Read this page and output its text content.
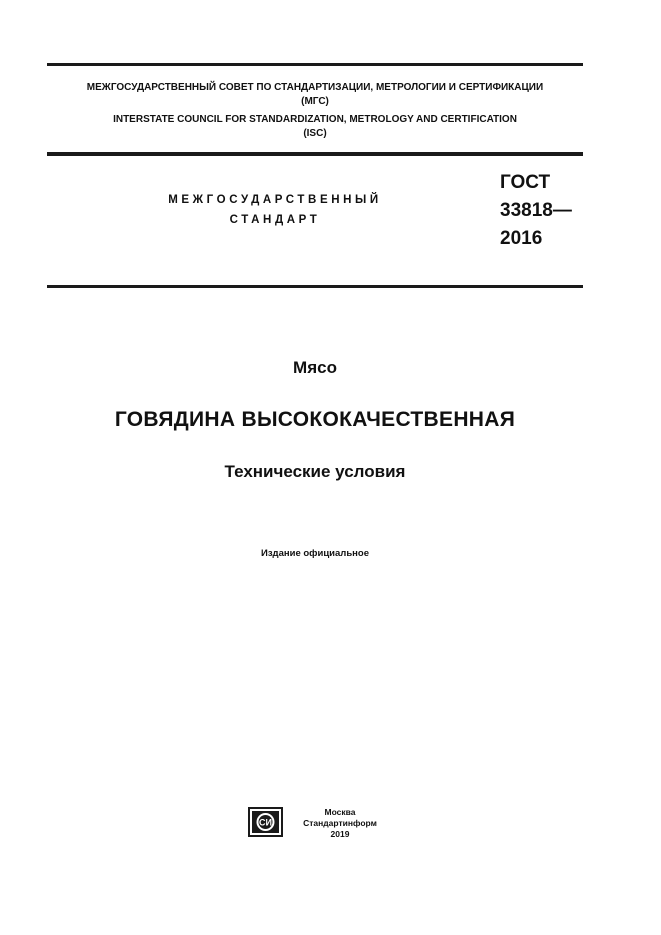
МЕЖГОСУДАРСТВЕННЫЙ СОВЕТ ПО СТАНДАРТИЗАЦИИ, МЕТРОЛОГИИ И СЕРТИФИКАЦИИ
(МГС)
INTERSTATE COUNCIL FOR STANDARDIZATION, METROLOGY AND CERTIFICATION
(ISC)
МЕЖГОСУДАРСТВЕННЫЙ
СТАНДАРТ
ГОСТ
33818—
2016
Мясо
ГОВЯДИНА ВЫСОКОКАЧЕСТВЕННАЯ
Технические условия
Издание официальное
СИ
Москва
Стандартинформ
2019
